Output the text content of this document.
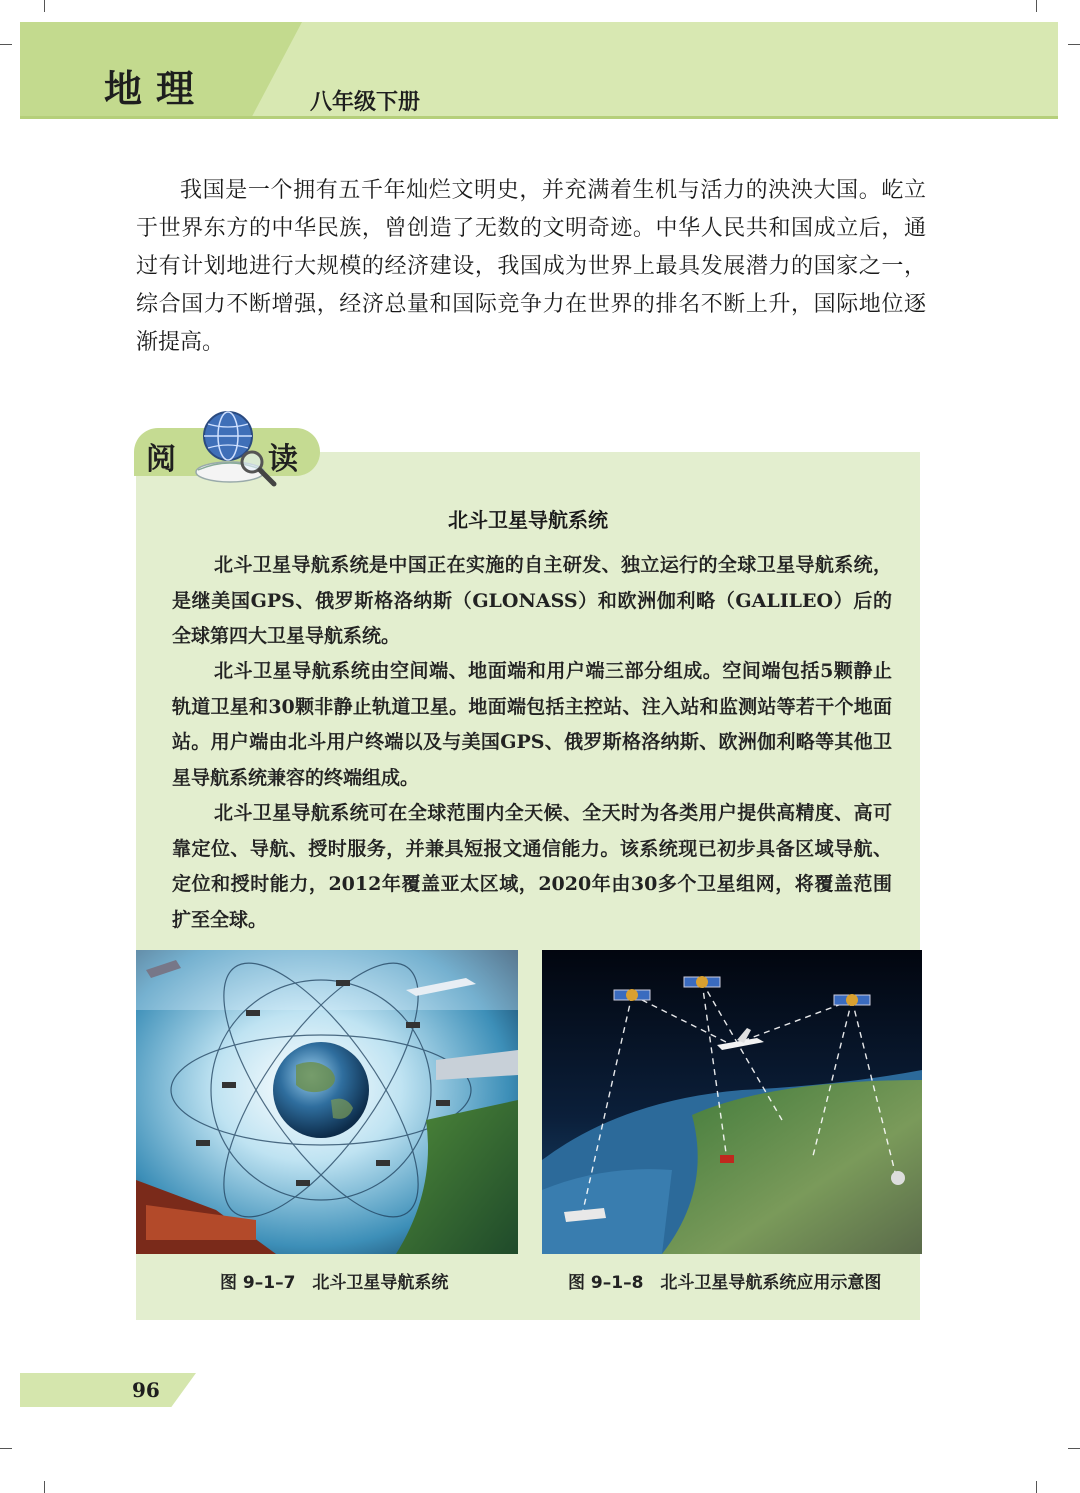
地理	八年级下册

我国是一个拥有五千年灿烂文明史，并充满着生机与活力的泱泱大国。屹立于世界东方的中华民族，曾创造了无数的文明奇迹。中华人民共和国成立后，通过有计划地进行大规模的经济建设，我国成为世界上最具发展潜力的国家之一，综合国力不断增强，经济总量和国际竞争力在世界的排名不断上升，国际地位逐渐提高。

阅	读
北斗卫星导航系统

北斗卫星导航系统是中国正在实施的自主研发、独立运行的全球卫星导航系统，是继美国GPS、俄罗斯格洛纳斯（GLONASS）和欧洲伽利略（GALILEO）后的全球第四大卫星导航系统。

北斗卫星导航系统由空间端、地面端和用户端三部分组成。空间端包括5颗静止轨道卫星和30颗非静止轨道卫星。地面端包括主控站、注入站和监测站等若干个地面站。用户端由北斗用户终端以及与美国GPS、俄罗斯格洛纳斯、欧洲伽利略等其他卫星导航系统兼容的终端组成。

北斗卫星导航系统可在全球范围内全天候、全天时为各类用户提供高精度、高可靠定位、导航、授时服务，并兼具短报文通信能力。该系统现已初步具备区域导航、定位和授时能力，2012年覆盖亚太区域，2020年由30多个卫星组网，将覆盖范围扩至全球。

图 9–1–7　北斗卫星导航系统	图 9–1–8　北斗卫星导航系统应用示意图
96
